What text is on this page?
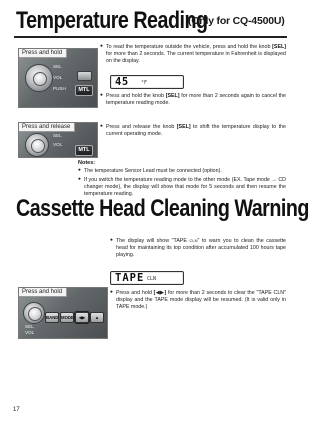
Temperature Reading
(Only for CQ-4500U)
Press and hold
SEL
VOL
PUSH	MTL
● To read the temperature outside the vehicle, press and hold the knob [SEL] for more than 2 seconds. The current temperature in Fahrenheit is displayed on the display.
45 °F
● Press and hold the knob [SEL] for more than 2 seconds again to cancel the temperature reading mode.
Press and release
SEL
VOL
MTL
● Press and release the knob [SEL] to shift the temperature display to the current operating mode.
Notes:
● The temperature Sensor Lead must be connected (option).
● If you switch the temperature reading mode to the other mode (EX. Tape mode → CD changer mode), the display will show that mode for 5 seconds and then resume the temperature reading.
Cassette Head Cleaning Warning
● The display will show "TAPE CLN" to warn you to clean the cassette head for maintaining its top condition after accumulated 100 hours tape playing.
TAPE CLN
● Press and hold [◀▶] for more than 2 seconds to clear the "TAPE CLN" display and the TAPE mode display will be resumed. (It is valid only in TAPE mode.)
Press and hold
SEL
VOL
BAND MODE	◀▶	▲
17
